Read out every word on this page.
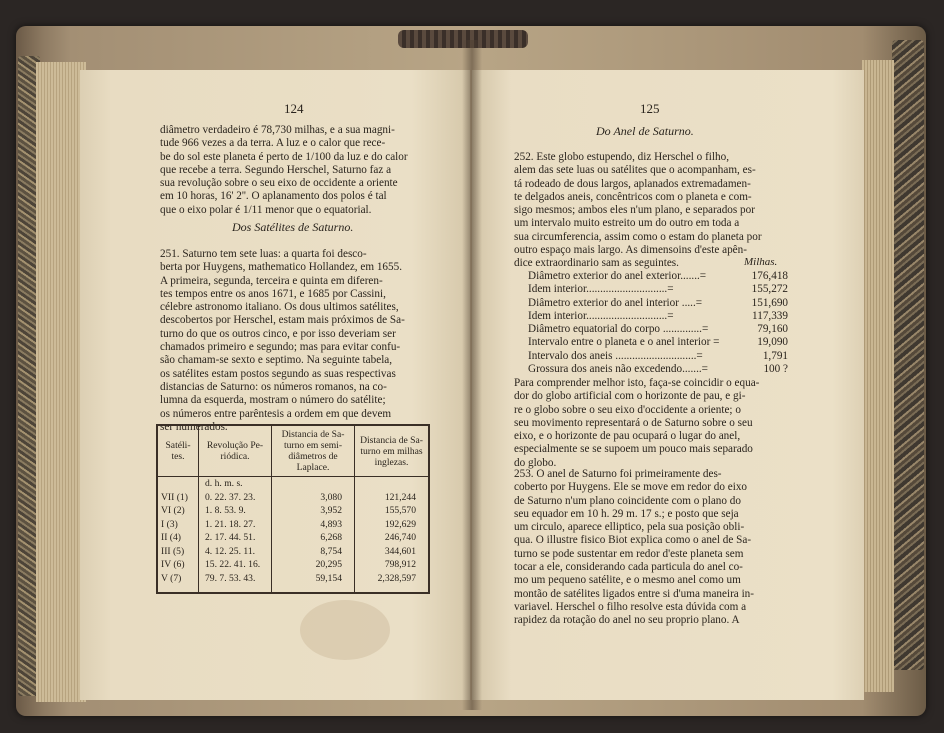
124

diâmetro verdadeiro é 78,730 milhas, e a sua magni-

tude 966 vezes a da terra. A luz e o calor que rece-

be do sol este planeta é perto de 1/100 da luz e do calor

que recebe a terra. Segundo Herschel, Saturno faz a

sua revolução sobre o seu eixo de occidente a oriente

em 10 horas, 16' 2''. O aplanamento dos polos é tal

que o eixo polar é 1/11 menor que o equatorial.

Dos Satélites de Saturno.

251. Saturno tem sete luas: a quarta foi desco-

berta por Huygens, mathematico Hollandez, em 1655.

A primeira, segunda, terceira e quinta em diferen-

tes tempos entre os anos 1671, e 1685 por Cassini,

célebre astronomo italiano. Os dous ultimos satélites,

descobertos por Herschel, estam mais próximos de Sa-

turno do que os outros cinco, e por isso deveriam ser

chamados primeiro e segundo; mas para evitar confu-

são chamam-se sexto e septimo. Na seguinte tabela,

os satélites estam postos segundo as suas respectivas

distancias de Saturno: os números romanos, na co-

lumna da esquerda, mostram o número do satélite;

os números entre parêntesis a ordem em que devem

ser numerados.

Satéli-tes.	Revolução Pe-riódica.	Distancia de Sa-turno em semi-diâmetros de Laplace.	Distancia de Sa-turno em milhas inglezas.
	d. h. m. s.		
VII (1)	0. 22. 37. 23.	3,080	121,244
VI (2)	1. 8. 53. 9.	3,952	155,570
I (3)	1. 21. 18. 27.	4,893	192,629
II (4)	2. 17. 44. 51.	6,268	246,740
III (5)	4. 12. 25. 11.	8,754	344,601
IV (6)	15. 22. 41. 16.	20,295	798,912
V (7)	79. 7. 53. 43.	59,154	2,328,597

125
Do Anel de Saturno.

252. Este globo estupendo, diz Herschel o filho,

alem das sete luas ou satélites que o acompanham, es-

tá rodeado de dous largos, aplanados extremadamen-

te delgados aneis, concêntricos com o planeta e com-

sigo mesmos; ambos eles n'um plano, e separados por

um intervalo muito estreito um do outro em toda a

sua circumferencia, assim como o estam do planeta por

outro espaço mais largo. As dimensoins d'este apên-

dice extraordinario sam as seguintes.	Milhas.
Diâmetro exterior do anel exterior.......=	176,418
Idem interior.............................=	155,272
Diâmetro exterior do anel interior .....=	151,690
Idem interior.............................=	117,339
Diâmetro equatorial do corpo ..............=	79,160
Intervalo entre o planeta e o anel interior =	19,090
Intervalo dos aneis .............................=	1,791
Grossura dos aneis não excedendo.......=	100 ?

Para comprender melhor isto, faça-se coincidir o equa-

dor do globo artificial com o horizonte de pau, e gi-

re o globo sobre o seu eixo d'occidente a oriente; o

seu movimento representará o de Saturno sobre o seu

eixo, e o horizonte de pau ocupará o lugar do anel,

especialmente se se supoem um pouco mais separado

do globo.

253. O anel de Saturno foi primeiramente des-

coberto por Huygens. Ele se move em redor do eixo

de Saturno n'um plano coincidente com o plano do

seu equador em 10 h. 29 m. 17 s.; e posto que seja

um circulo, aparece elliptico, pela sua posição obli-

qua. O illustre fisico Biot explica como o anel de Sa-

turno se pode sustentar em redor d'este planeta sem

tocar a ele, considerando cada particula do anel co-

mo um pequeno satélite, e o mesmo anel como um

montão de satélites ligados entre si d'uma maneira in-

variavel. Herschel o filho resolve esta dúvida com a

rapidez da rotação do anel no seu proprio plano. A
